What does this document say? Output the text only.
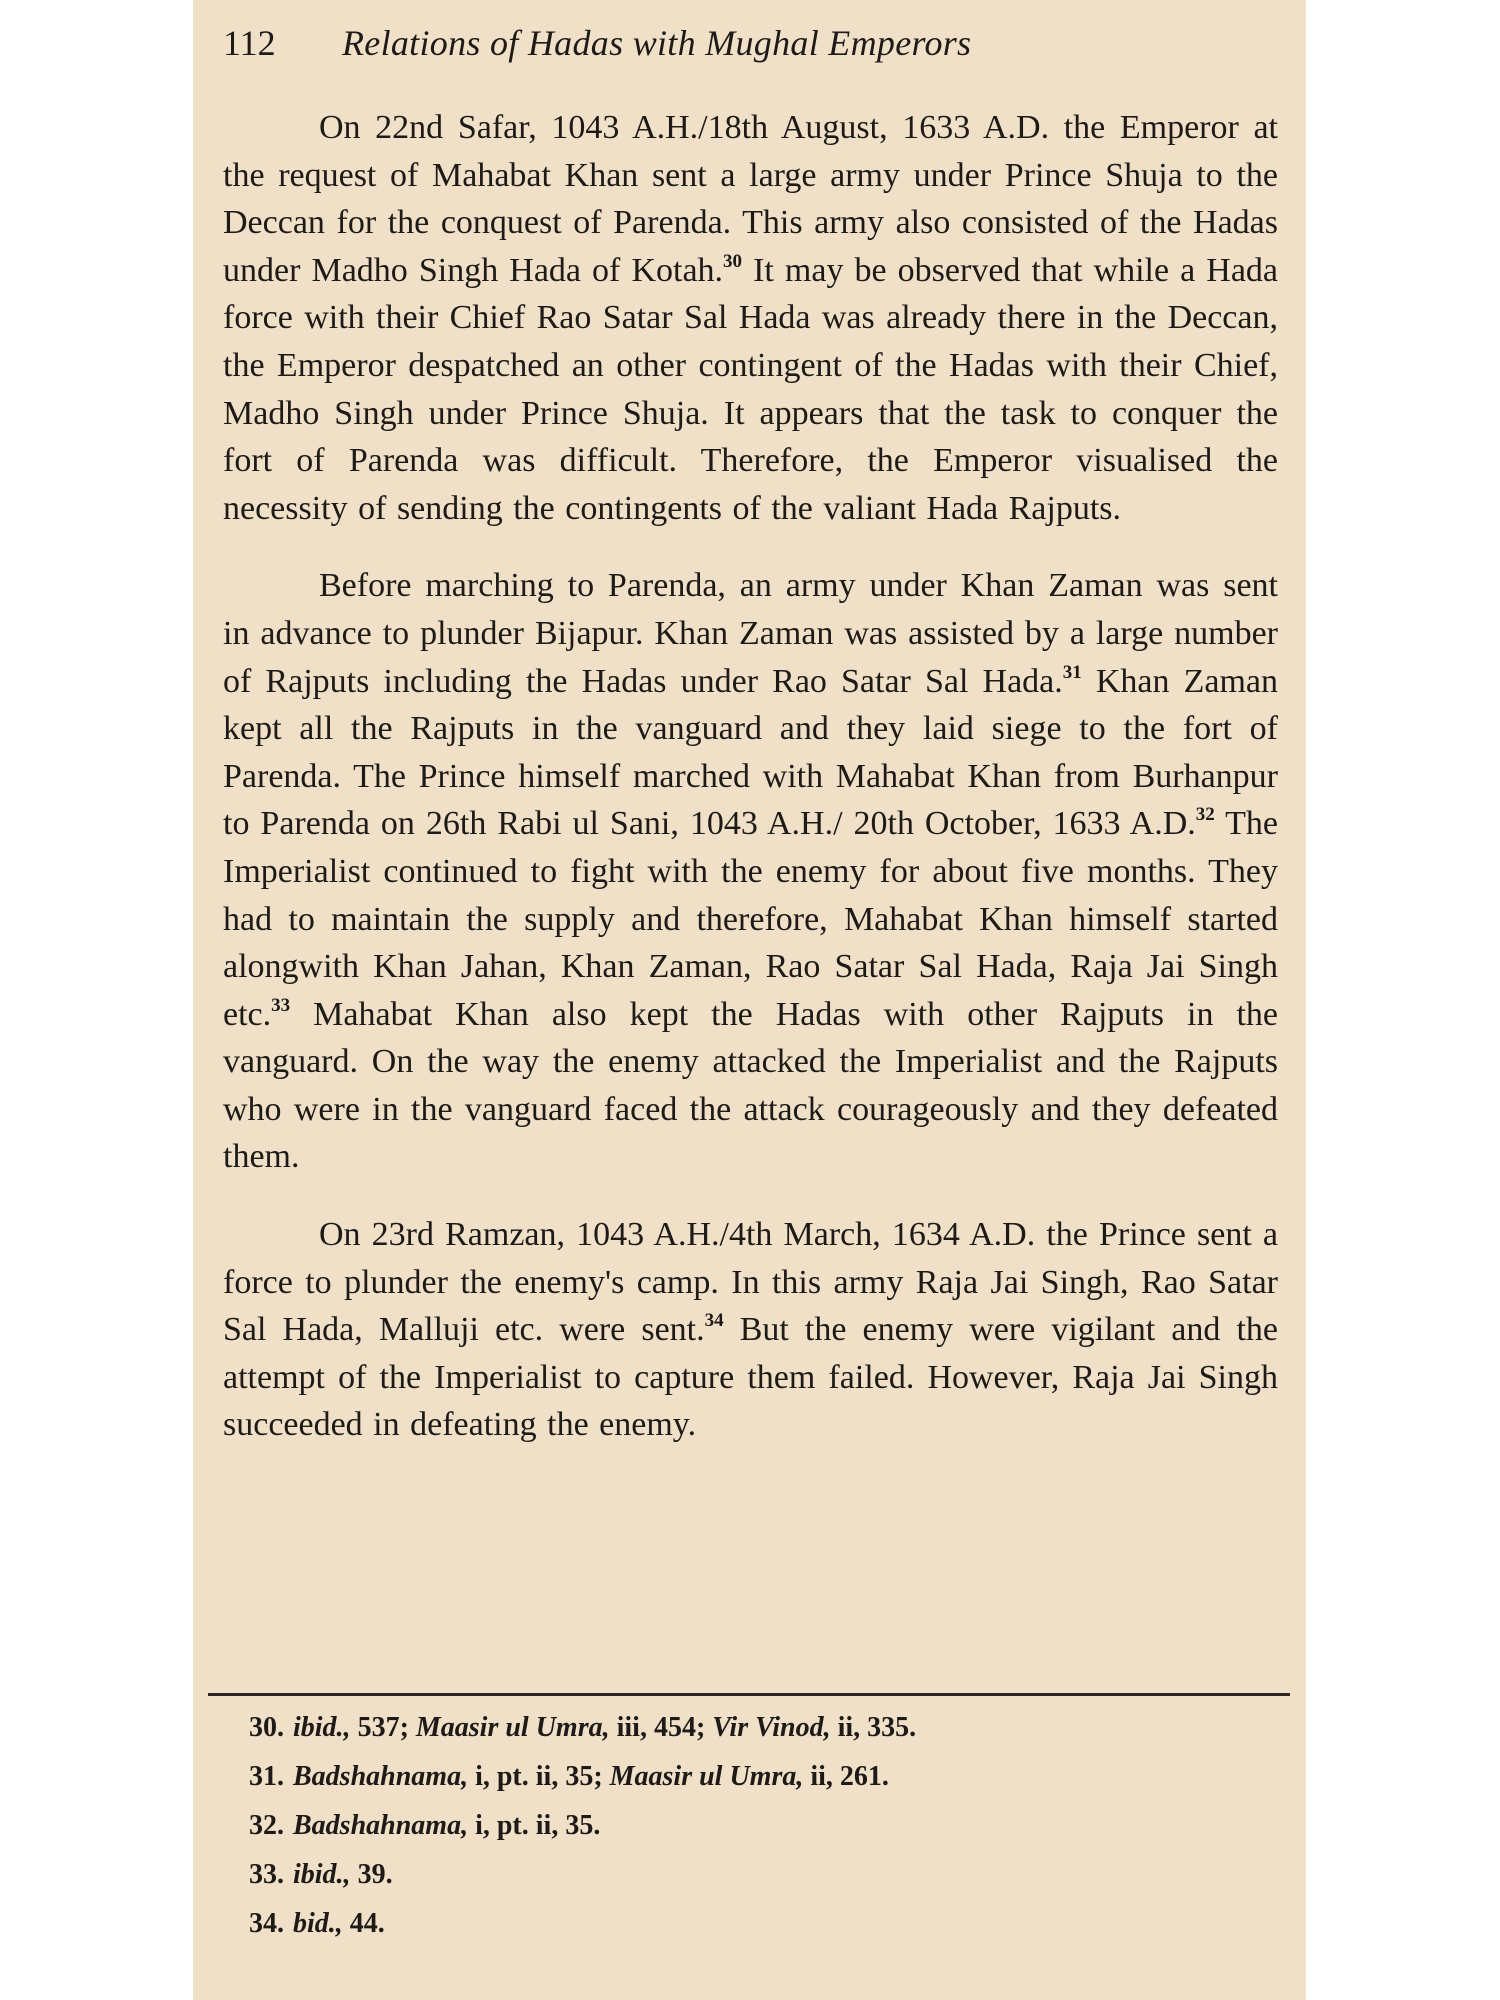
112 Relations of Hadas with Mughal Emperors

On 22nd Safar, 1043 A.H./18th August, 1633 A.D. the Emperor at the request of Mahabat Khan sent a large army under Prince Shuja to the Deccan for the conquest of Parenda. This army also consisted of the Hadas under Madho Singh Hada of Kotah.$^{30}$ It may be observed that while a Hada force with their Chief Rao Satar Sal Hada was already there in the Deccan, the Emperor despatched an other contingent of the Hadas with their Chief, Madho Singh under Prince Shuja. It appears that the task to conquer the fort of Parenda was difficult. Therefore, the Emperor visualised the necessity of sending the contingents of the valiant Hada Rajputs.

Before marching to Parenda, an army under Khan Zaman was sent in advance to plunder Bijapur. Khan Zaman was assisted by a large number of Rajputs including the Hadas under Rao Satar Sal Hada.$^{31}$ Khan Zaman kept all the Rajputs in the vanguard and they laid siege to the fort of Parenda. The Prince himself marched with Mahabat Khan from Burhanpur to Parenda on 26th Rabi ul Sani, 1043 A.H./ 20th October, 1633 A.D.$^{32}$ The Imperialist continued to fight with the enemy for about five months. They had to maintain the supply and therefore, Mahabat Khan himself started alongwith Khan Jahan, Khan Zaman, Rao Satar Sal Hada, Raja Jai Singh etc.$^{33}$ Mahabat Khan also kept the Hadas with other Rajputs in the vanguard. On the way the enemy attacked the Imperialist and the Rajputs who were in the vanguard faced the attack courageously and they defeated them.

On 23rd Ramzan, 1043 A.H./4th March, 1634 A.D. the Prince sent a force to plunder the enemy's camp. In this army Raja Jai Singh, Rao Satar Sal Hada, Malluji etc. were sent.$^{34}$ But the enemy were vigilant and the attempt of the Imperialist to capture them failed. However, Raja Jai Singh succeeded in defeating the enemy.

30. ibid., 537; Maasir ul Umra, iii, 454; Vir Vinod, ii, 335.
31. Badshahnama, i, pt. ii, 35; Maasir ul Umra, ii, 261.
32. Badshahnama, i, pt. ii, 35.
33. ibid., 39.
34. bid., 44.
